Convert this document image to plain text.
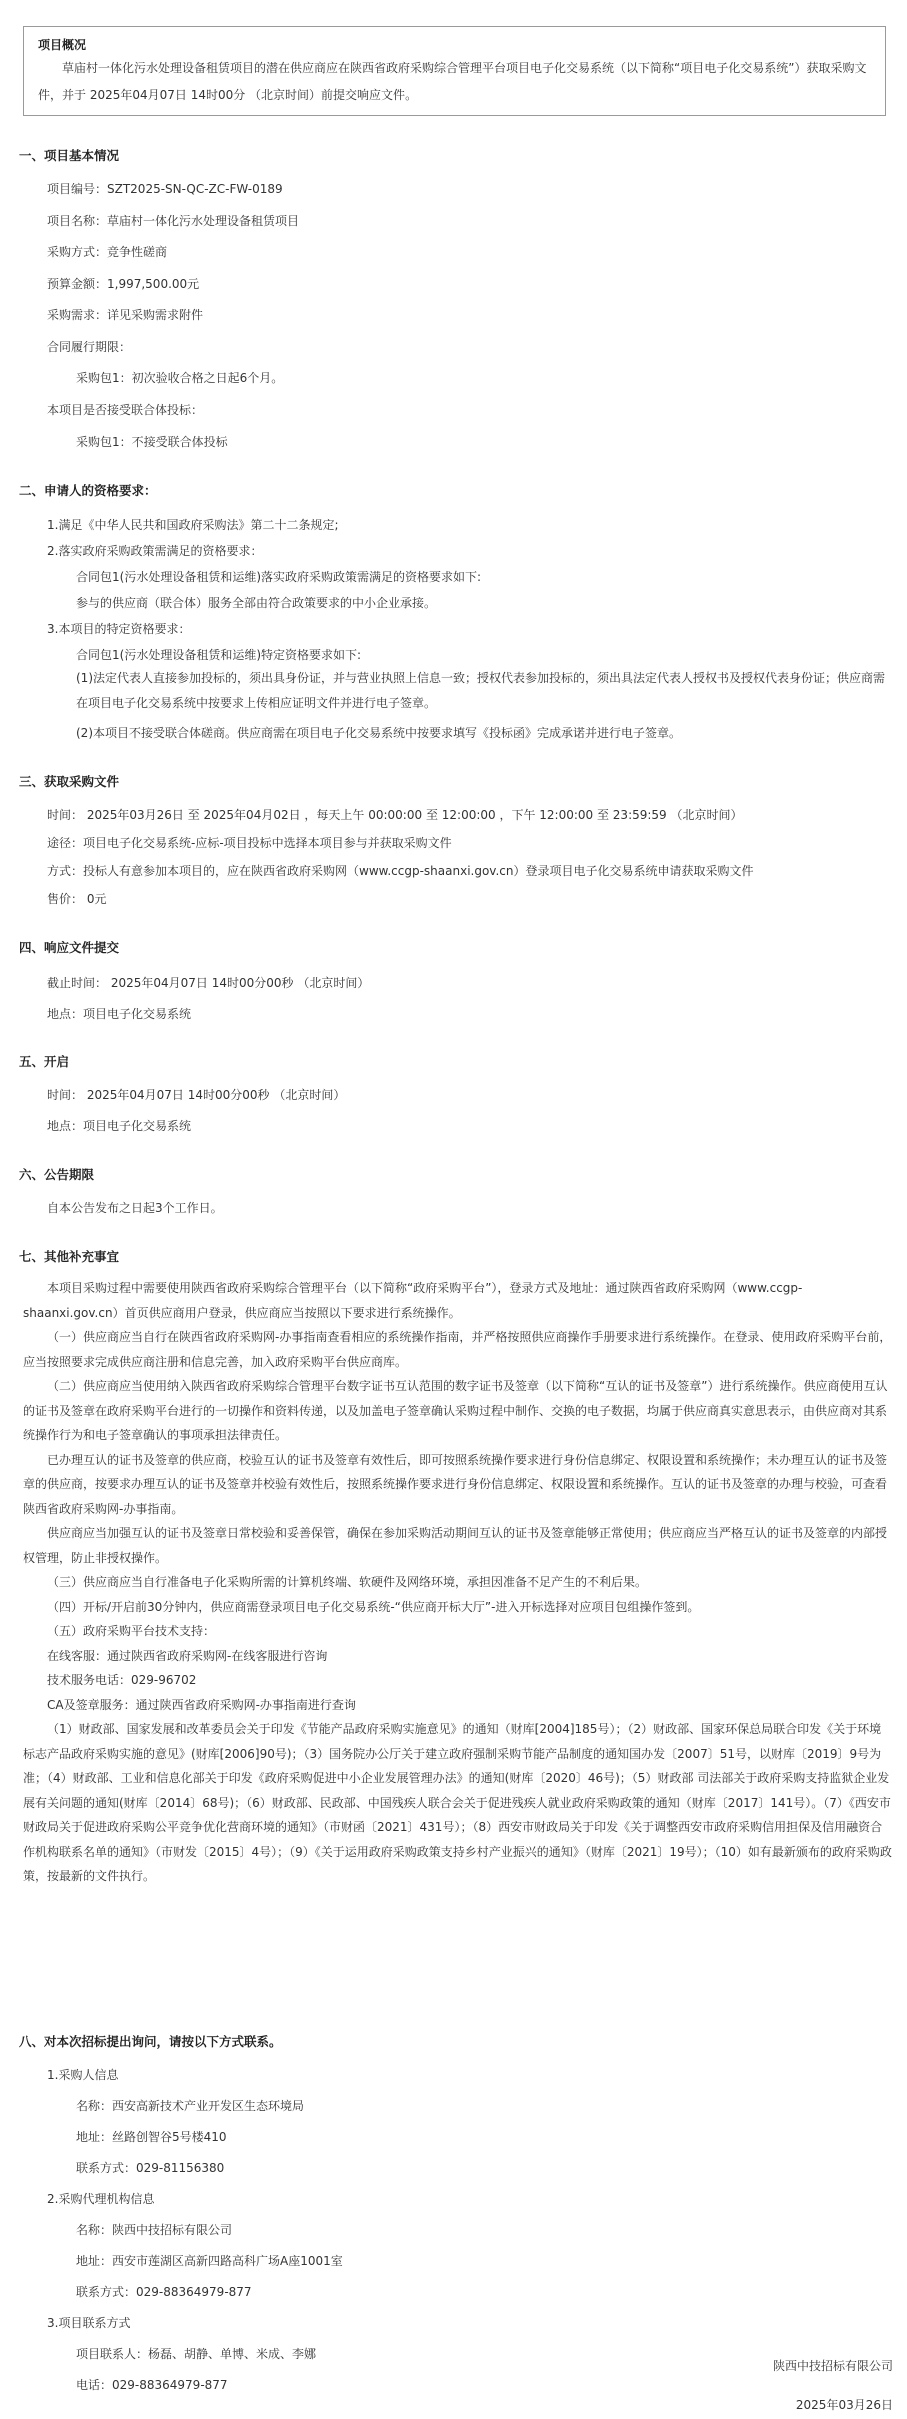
项目概况

草庙村一体化污水处理设备租赁项目的潜在供应商应在陕西省政府采购综合管理平台项目电子化交易系统（以下简称“项目电子化交易系统”）获取采购文件，并于 2025年04月07日 14时00分 （北京时间）前提交响应文件。

一、项目基本情况
项目编号：SZT2025-SN-QC-ZC-FW-0189
项目名称：草庙村一体化污水处理设备租赁项目
采购方式：竞争性磋商
预算金额：1,997,500.00元
采购需求：详见采购需求附件
合同履行期限：
采购包1：初次验收合格之日起6个月。
本项目是否接受联合体投标：
采购包1：不接受联合体投标
二、申请人的资格要求：
1.满足《中华人民共和国政府采购法》第二十二条规定;
2.落实政府采购政策需满足的资格要求：
合同包1(污水处理设备租赁和运维)落实政府采购政策需满足的资格要求如下:
参与的供应商（联合体）服务全部由符合政策要求的中小企业承接。
3.本项目的特定资格要求：
合同包1(污水处理设备租赁和运维)特定资格要求如下:

(1)法定代表人直接参加投标的，须出具身份证，并与营业执照上信息一致；授权代表参加投标的，须出具法定代表人授权书及授权代表身份证；供应商需在项目电子化交易系统中按要求上传相应证明文件并进行电子签章。

(2)本项目不接受联合体磋商。供应商需在项目电子化交易系统中按要求填写《投标函》完成承诺并进行电子签章。
三、获取采购文件
时间： 2025年03月26日 至 2025年04月02日 ，每天上午 00:00:00 至 12:00:00 ，下午 12:00:00 至 23:59:59 （北京时间）
途径：项目电子化交易系统-应标-项目投标中选择本项目参与并获取采购文件
方式：投标人有意参加本项目的，应在陕西省政府采购网（www.ccgp-shaanxi.gov.cn）登录项目电子化交易系统申请获取采购文件
售价： 0元
四、响应文件提交
截止时间： 2025年04月07日 14时00分00秒 （北京时间）
地点：项目电子化交易系统
五、开启
时间： 2025年04月07日 14时00分00秒 （北京时间）
地点：项目电子化交易系统
六、公告期限
自本公告发布之日起3个工作日。
七、其他补充事宜

本项目采购过程中需要使用陕西省政府采购综合管理平台（以下简称“政府采购平台”），登录方式及地址：通过陕西省政府采购网（www.ccgp-shaanxi.gov.cn）首页供应商用户登录，供应商应当按照以下要求进行系统操作。

（一）供应商应当自行在陕西省政府采购网-办事指南查看相应的系统操作指南，并严格按照供应商操作手册要求进行系统操作。在登录、使用政府采购平台前，应当按照要求完成供应商注册和信息完善，加入政府采购平台供应商库。

（二）供应商应当使用纳入陕西省政府采购综合管理平台数字证书互认范围的数字证书及签章（以下简称“互认的证书及签章”）进行系统操作。供应商使用互认的证书及签章在政府采购平台进行的一切操作和资料传递，以及加盖电子签章确认采购过程中制作、交换的电子数据，均属于供应商真实意思表示，由供应商对其系统操作行为和电子签章确认的事项承担法律责任。

已办理互认的证书及签章的供应商，校验互认的证书及签章有效性后，即可按照系统操作要求进行身份信息绑定、权限设置和系统操作；未办理互认的证书及签章的供应商，按要求办理互认的证书及签章并校验有效性后，按照系统操作要求进行身份信息绑定、权限设置和系统操作。互认的证书及签章的办理与校验，可查看陕西省政府采购网-办事指南。

供应商应当加强互认的证书及签章日常校验和妥善保管，确保在参加采购活动期间互认的证书及签章能够正常使用；供应商应当严格互认的证书及签章的内部授权管理，防止非授权操作。

（三）供应商应当自行准备电子化采购所需的计算机终端、软硬件及网络环境，承担因准备不足产生的不利后果。

（四）开标/开启前30分钟内，供应商需登录项目电子化交易系统-“供应商开标大厅”-进入开标选择对应项目包组操作签到。

（五）政府采购平台技术支持：

在线客服：通过陕西省政府采购网-在线客服进行咨询

技术服务电话：029-96702

CA及签章服务：通过陕西省政府采购网-办事指南进行查询

（1）财政部、国家发展和改革委员会关于印发《节能产品政府采购实施意见》的通知（财库[2004]185号）；（2）财政部、国家环保总局联合印发《关于环境标志产品政府采购实施的意见》(财库[2006]90号)；（3）国务院办公厅关于建立政府强制采购节能产品制度的通知国办发〔2007〕51号，以财库〔2019〕9号为准；（4）财政部、工业和信息化部关于印发《政府采购促进中小企业发展管理办法》的通知(财库〔2020〕46号)；（5）财政部 司法部关于政府采购支持监狱企业发展有关问题的通知(财库〔2014〕68号)；（6）财政部、民政部、中国残疾人联合会关于促进残疾人就业政府采购政策的通知（财库〔2017〕141号）。（7）《西安市财政局关于促进政府采购公平竞争优化营商环境的通知》（市财函〔2021〕431号）；（8）西安市财政局关于印发《关于调整西安市政府采购信用担保及信用融资合作机构联系名单的通知》（市财发〔2015〕4号）；（9）《关于运用政府采购政策支持乡村产业振兴的通知》（财库〔2021〕19号）；（10）如有最新颁布的政府采购政策，按最新的文件执行。

八、对本次招标提出询问，请按以下方式联系。
1.采购人信息
名称：西安高新技术产业开发区生态环境局
地址：丝路创智谷5号楼410
联系方式：029-81156380
2.采购代理机构信息
名称：陕西中技招标有限公司
地址：西安市莲湖区高新四路高科广场A座1001室
联系方式：029-88364979-877
3.项目联系方式
项目联系人：杨磊、胡静、单博、米成、李娜
电话：029-88364979-877
陕西中技招标有限公司
2025年03月26日
